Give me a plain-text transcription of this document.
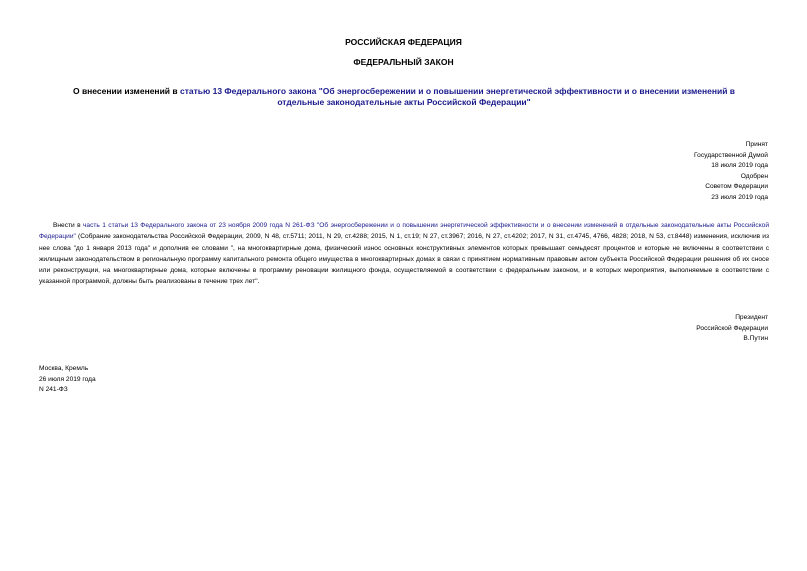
РОССИЙСКАЯ ФЕДЕРАЦИЯ
ФЕДЕРАЛЬНЫЙ ЗАКОН
О внесении изменений в статью 13 Федерального закона "Об энергосбережении и о повышении энергетической эффективности и о внесении изменений в отдельные законодательные акты Российской Федерации"
Принят
Государственной Думой
18 июля 2019 года
Одобрен
Советом Федерации
23 июля 2019 года
Внести в часть 1 статьи 13 Федерального закона от 23 ноября 2009 года N 261-ФЗ "Об энергосбережении и о повышении энергетической эффективности и о внесении изменений в отдельные законодательные акты Российской Федерации" (Собрание законодательства Российской Федерации, 2009, N 48, ст.5711; 2011, N 29, ст.4288; 2015, N 1, ст.19; N 27, ст.3967; 2016, N 27, ст.4202; 2017, N 31, ст.4745, 4766, 4828; 2018, N 53, ст.8448) изменения, исключив из нее слова "до 1 января 2013 года" и дополнив ее словами ", на многоквартирные дома, физический износ основных конструктивных элементов которых превышает семьдесят процентов и которые не включены в соответствии с жилищным законодательством в региональную программу капитального ремонта общего имущества в многоквартирных домах в связи с принятием нормативным правовым актом субъекта Российской Федерации решения об их сносе или реконструкции, на многоквартирные дома, которые включены в программу реновации жилищного фонда, осуществляемой в соответствии с федеральным законом, и в которых мероприятия, выполняемые в соответствии с указанной программой, должны быть реализованы в течение трех лет".
Президент
Российской Федерации
В.Путин
Москва, Кремль
26 июля 2019 года
N 241-ФЗ
